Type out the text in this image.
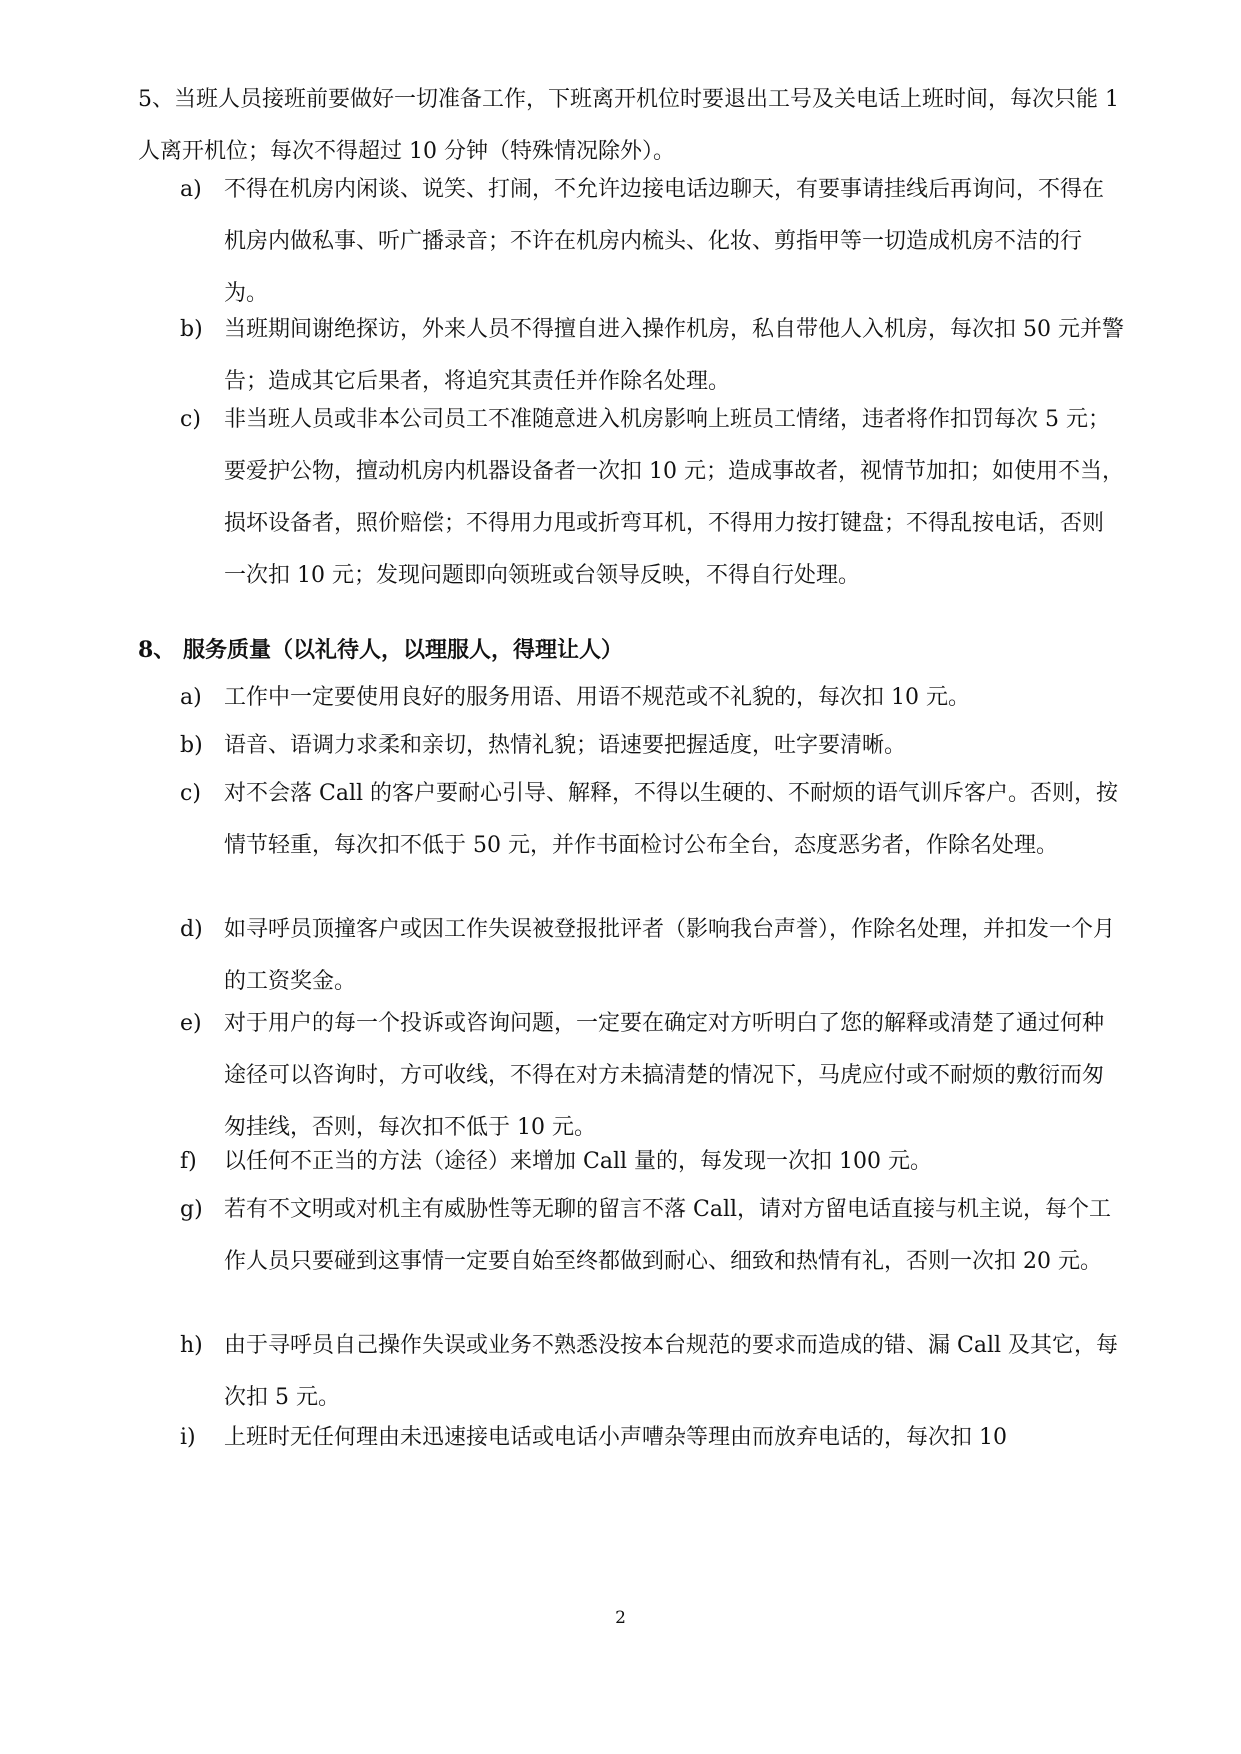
5、当班人员接班前要做好一切准备工作，下班离开机位时要退出工号及关电话上班时间，每次只能 1 人离开机位；每次不得超过 10 分钟（特殊情况除外）。
a) 不得在机房内闲谈、说笑、打闹，不允许边接电话边聊天，有要事请挂线后再询问，不得在机房内做私事、听广播录音；不许在机房内梳头、化妆、剪指甲等一切造成机房不洁的行为。
b) 当班期间谢绝探访，外来人员不得擅自进入操作机房，私自带他人入机房，每次扣 50 元并警告；造成其它后果者，将追究其责任并作除名处理。
c) 非当班人员或非本公司员工不准随意进入机房影响上班员工情绪，违者将作扣罚每次 5 元；要爱护公物，擅动机房内机器设备者一次扣 10 元；造成事故者，视情节加扣；如使用不当，损坏设备者，照价赔偿；不得用力甩或折弯耳机，不得用力按打键盘；不得乱按电话，否则一次扣 10 元；发现问题即向领班或台领导反映，不得自行处理。
8、 服务质量（以礼待人，以理服人，得理让人）
a) 工作中一定要使用良好的服务用语、用语不规范或不礼貌的，每次扣 10 元。
b) 语音、语调力求柔和亲切，热情礼貌；语速要把握适度，吐字要清晰。
c) 对不会落 Call 的客户要耐心引导、解释，不得以生硬的、不耐烦的语气训斥客户。否则，按情节轻重，每次扣不低于 50 元，并作书面检讨公布全台，态度恶劣者，作除名处理。
d) 如寻呼员顶撞客户或因工作失误被登报批评者（影响我台声誉），作除名处理，并扣发一个月的工资奖金。
e) 对于用户的每一个投诉或咨询问题，一定要在确定对方听明白了您的解释或清楚了通过何种途径可以咨询时，方可收线，不得在对方未搞清楚的情况下，马虎应付或不耐烦的敷衍而匆匆挂线，否则，每次扣不低于 10 元。
f) 以任何不正当的方法（途径）来增加 Call 量的，每发现一次扣 100 元。
g) 若有不文明或对机主有威胁性等无聊的留言不落 Call，请对方留电话直接与机主说，每个工作人员只要碰到这事情一定要自始至终都做到耐心、细致和热情有礼，否则一次扣 20 元。
h) 由于寻呼员自己操作失误或业务不熟悉没按本台规范的要求而造成的错、漏 Call 及其它，每次扣 5 元。
i) 上班时无任何理由未迅速接电话或电话小声嘈杂等理由而放弃电话的，每次扣 10
2
